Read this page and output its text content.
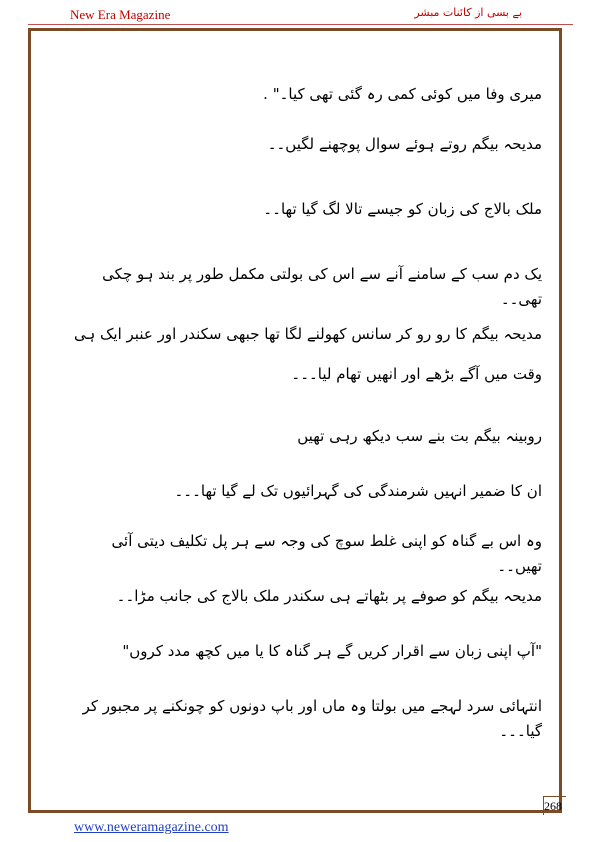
New Era Magazine	بے بسی از کائنات مبشر
میری وفا میں کوئی کمی رہ گئی تھی کیا۔" .
مدیحہ بیگم روتے ہوئے سوال پوچھنے لگیں۔۔
ملک بالاج کی زبان کو جیسے تالا لگ گیا تھا۔۔
یک دم سب کے سامنے آنے سے اس کی بولتی مکمل طور پر بند ہو چکی تھی۔۔
مدیحہ بیگم کا رو رو کر سانس کھولنے لگا تھا جبھی سکندر اور عنبر ایک ہی وقت میں آگے بڑھے اور انھیں تھام لیا۔۔۔
روبینہ بیگم بت بنے سب دیکھ رہی تھیں
ان کا ضمیر انہیں شرمندگی کی گہرائیوں تک لے گیا تھا۔۔۔
وہ اس بے گناہ کو اپنی غلط سوچ کی وجہ سے ہر پل تکلیف دیتی آئی تھیں۔۔
مدیحہ بیگم کو صوفے پر بٹھاتے ہی سکندر ملک بالاج کی جانب مڑا۔۔
"آپ اپنی زبان سے اقرار کریں گے ہر گناہ کا یا میں کچھ مدد کروں"
انتہائی سرد لہجے میں بولتا وہ ماں اور باپ دونوں کو چونکنے پر مجبور کر گیا۔۔۔
268
www.neweramagazine.com
